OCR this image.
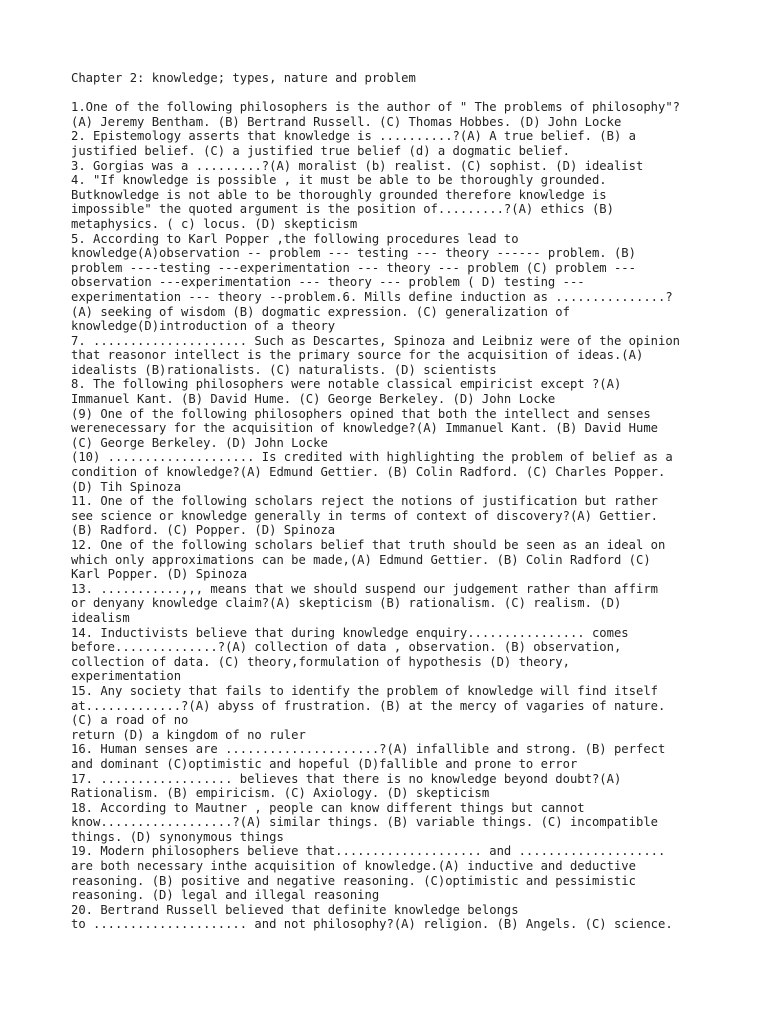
Chapter 2: knowledge; types, nature and problem
1.One of the following philosophers is the author of " The problems of philosophy"?
(A) Jeremy Bentham. (B) Bertrand Russell. (C) Thomas Hobbes. (D) John Locke
2. Epistemology asserts that knowledge is ..........?(A) A true belief. (B) a
justified belief. (C) a justified true belief (d) a dogmatic belief.
3. Gorgias was a .........?(A) moralist (b) realist. (C) sophist. (D) idealist
4. "If knowledge is possible , it must be able to be thoroughly grounded.
Butknowledge is not able to be thoroughly grounded therefore knowledge is
impossible" the quoted argument is the position of.........?(A) ethics (B)
metaphysics. ( c) locus. (D) skepticism
5. According to Karl Popper ,the following procedures lead to
knowledge(A)observation -- problem --- testing --- theory ------ problem. (B)
problem ----testing ---experimentation --- theory --- problem (C) problem ---
observation ---experimentation --- theory --- problem ( D) testing ---
experimentation --- theory --problem.6. Mills define induction as ...............?
(A) seeking of wisdom (B) dogmatic expression. (C) generalization of
knowledge(D)introduction of a theory
7. ..................... Such as Descartes, Spinoza and Leibniz were of the opinion
that reasonor intellect is the primary source for the acquisition of ideas.(A)
idealists (B)rationalists. (C) naturalists. (D) scientists
8. The following philosophers were notable classical empiricist except ?(A)
Immanuel Kant. (B) David Hume. (C) George Berkeley. (D) John Locke
(9) One of the following philosophers opined that both the intellect and senses
werenecessary for the acquisition of knowledge?(A) Immanuel Kant. (B) David Hume
(C) George Berkeley. (D) John Locke
(10) .................... Is credited with highlighting the problem of belief as a
condition of knowledge?(A) Edmund Gettier. (B) Colin Radford. (C) Charles Popper.
(D) Tih Spinoza
11. One of the following scholars reject the notions of justification but rather
see science or knowledge generally in terms of context of discovery?(A) Gettier.
(B) Radford. (C) Popper. (D) Spinoza
12. One of the following scholars belief that truth should be seen as an ideal on
which only approximations can be made,(A) Edmund Gettier. (B) Colin Radford (C)
Karl Popper. (D) Spinoza
13. ...........,,, means that we should suspend our judgement rather than affirm
or denyany knowledge claim?(A) skepticism (B) rationalism. (C) realism. (D)
idealism
14. Inductivists believe that during knowledge enquiry................ comes
before..............?(A) collection of data , observation. (B) observation,
collection of data. (C) theory,formulation of hypothesis (D) theory,
experimentation
15. Any society that fails to identify the problem of knowledge will find itself
at.............?(A) abyss of frustration. (B) at the mercy of vagaries of nature.
(C) a road of no
return (D) a kingdom of no ruler
16. Human senses are .....................?(A) infallible and strong. (B) perfect
and dominant (C)optimistic and hopeful (D)fallible and prone to error
17. .................. believes that there is no knowledge beyond doubt?(A)
Rationalism. (B) empiricism. (C) Axiology. (D) skepticism
18. According to Mautner , people can know different things but cannot
know..................?(A) similar things. (B) variable things. (C) incompatible
things. (D) synonymous things
19. Modern philosophers believe that.................... and ....................
are both necessary inthe acquisition of knowledge.(A) inductive and deductive
reasoning. (B) positive and negative reasoning. (C)optimistic and pessimistic
reasoning. (D) legal and illegal reasoning
20. Bertrand Russell believed that definite knowledge belongs
to ..................... and not philosophy?(A) religion. (B) Angels. (C) science.
